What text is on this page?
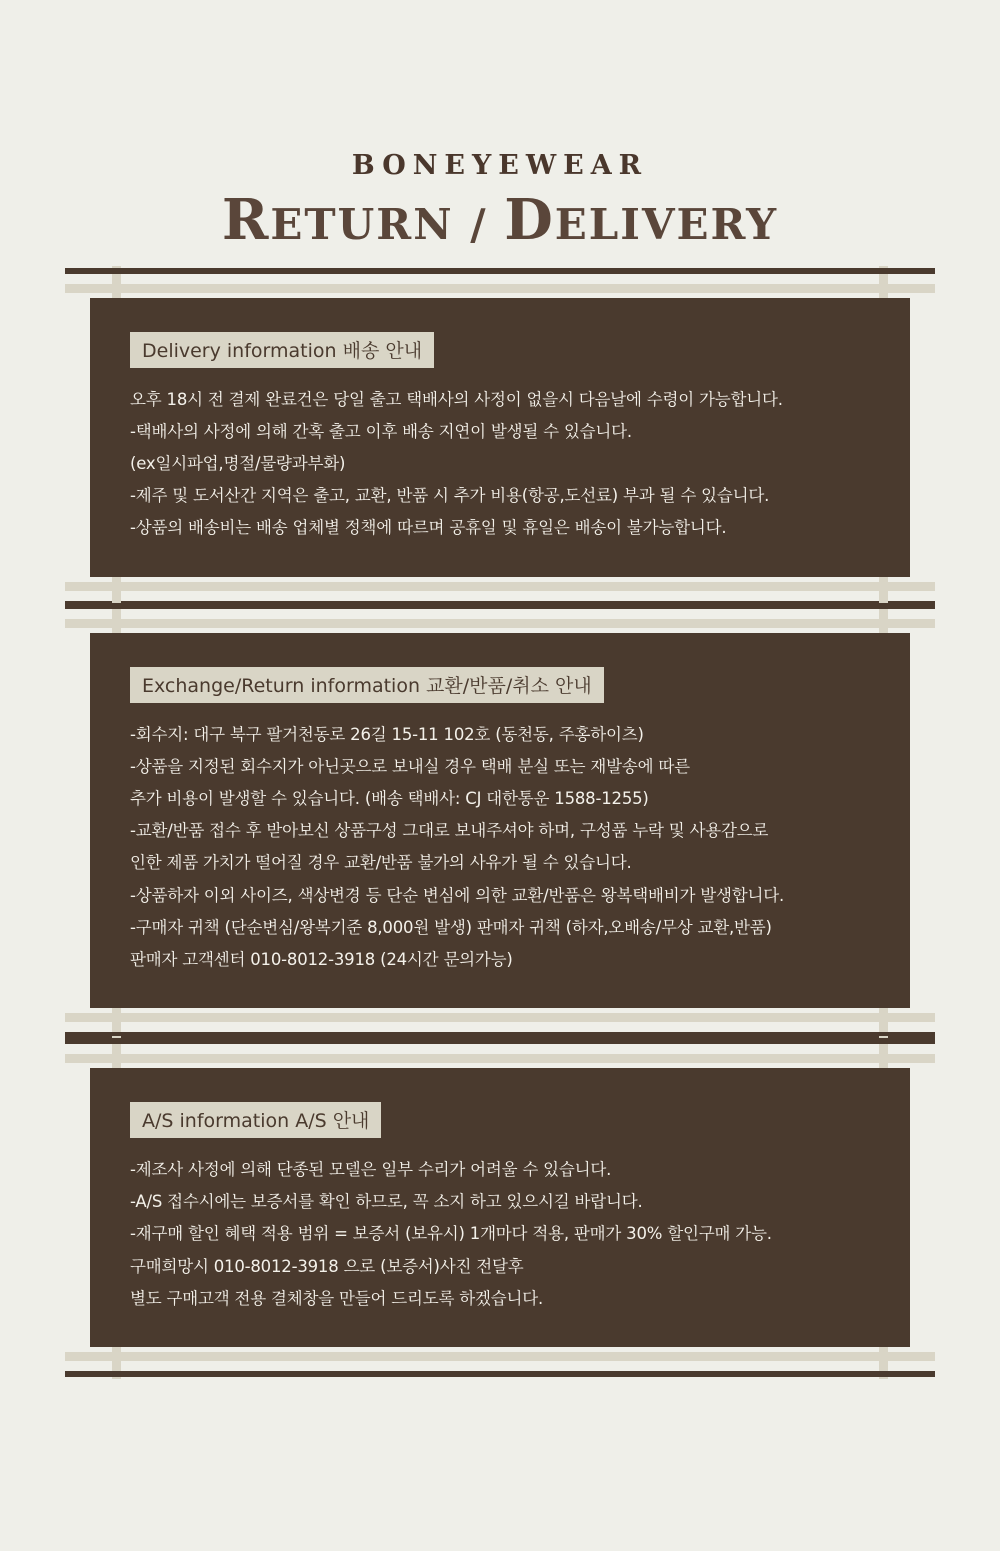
BONEYEWEAR
RETURN / DELIVERY
Delivery information 배송 안내
오후 18시 전 결제 완료건은 당일 출고 택배사의 사정이 없을시 다음날에 수령이 가능합니다.
-택배사의 사정에 의해 간혹 출고 이후 배송 지연이 발생될 수 있습니다.
(ex일시파업,명절/물량과부화)
-제주 및 도서산간 지역은 출고, 교환, 반품 시 추가 비용(항공,도선료) 부과 될 수 있습니다.
-상품의 배송비는 배송 업체별 정책에 따르며 공휴일 및 휴일은 배송이 불가능합니다.
Exchange/Return information 교환/반품/취소 안내
-회수지: 대구 북구 팔거천동로 26길 15-11 102호 (동천동, 주홍하이츠)
-상품을 지정된 회수지가 아닌곳으로 보내실 경우 택배 분실 또는 재발송에 따른
추가 비용이 발생할 수 있습니다. (배송 택배사: CJ 대한통운 1588-1255)
-교환/반품 접수 후 받아보신 상품구성 그대로 보내주셔야 하며, 구성품 누락 및 사용감으로
인한 제품 가치가 떨어질 경우 교환/반품 불가의 사유가 될 수 있습니다.
-상품하자 이외 사이즈, 색상변경 등 단순 변심에 의한 교환/반품은 왕복택배비가 발생합니다.
-구매자 귀책 (단순변심/왕복기준 8,000원 발생) 판매자 귀책 (하자,오배송/무상 교환,반품)
판매자 고객센터 010-8012-3918 (24시간 문의가능)
A/S information A/S 안내
-제조사 사정에 의해 단종된 모델은 일부 수리가 어려울 수 있습니다.
-A/S 접수시에는 보증서를 확인 하므로, 꼭 소지 하고 있으시길 바랍니다.
-재구매 할인 혜택 적용 범위 = 보증서 (보유시) 1개마다 적용, 판매가 30% 할인구매 가능.
구매희망시 010-8012-3918 으로 (보증서)사진 전달후
별도 구매고객 전용 결체창을 만들어 드리도록 하겠습니다.
